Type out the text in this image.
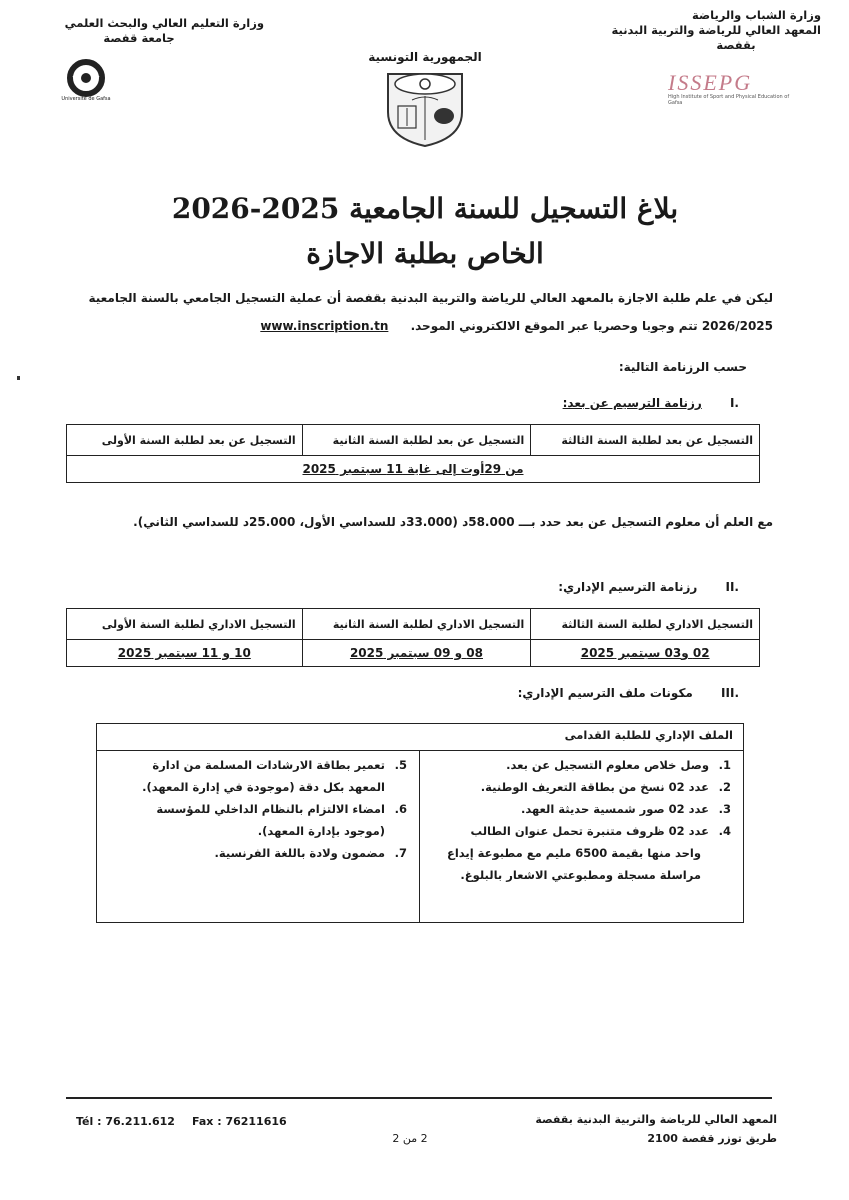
وزارة الشباب والرياضة
المعهد العالي للرياضة والتربية البدنية
بقفصة
وزارة التعليم العالي والبحث العلمي
جامعة قفصة
Université de Gafsa
ISSEPG
High Institute of Sport and Physical Education of Gafsa
الجمهورية التونسية
بلاغ التسجيل للسنة الجامعية 2025-2026
الخاص بطلبة الاجازة
ليكن في علم طلبة الاجازة بالمعهد العالي للرياضة والتربية البدنية بقفصة أن عملية التسجيل الجامعي بالسنة الجامعية
2026/2025 تتم وجوبا وحصريا عبر الموقع الالكتروني الموحد. www.inscription.tn
حسب الرزنامة التالية:
I. رزنامة الترسيم عن بعد:
التسجيل عن بعد لطلبة السنة الثالثة	التسجيل عن بعد لطلبة السنة الثانية	التسجيل عن بعد لطلبة السنة الأولى
من 29أوت إلى غاية 11 سبتمبر 2025
مع العلم أن معلوم التسجيل عن بعد حدد بـــ 58.000د (33.000د للسداسي الأول، 25.000د للسداسي الثاني).
II. رزنامة الترسيم الإداري:
التسجيل الاداري لطلبة السنة الثالثة	التسجيل الاداري لطلبة السنة الثانية	التسجيل الاداري لطلبة السنة الأولى
02 و03 سبتمبر 2025	08 و 09 سبتمبر 2025	10 و 11 سبتمبر 2025
III. مكونات ملف الترسيم الإداري:
الملف الإداري للطلبة القدامى
1.وصل خلاص معلوم التسجيل عن بعد.
2.عدد 02 نسخ من بطاقة التعريف الوطنية.
3.عدد 02 صور شمسية حديثة العهد.
4.عدد 02 ظروف متنبرة تحمل عنوان الطالب
واحد منها بقيمة 6500 مليم مع مطبوعة إيداع
مراسلة مسجلة ومطبوعتي الاشعار بالبلوغ.
5.تعمير بطاقة الارشادات المسلمة من ادارة
المعهد بكل دقة (موجودة في إدارة المعهد).
6.امضاء الالتزام بالنظام الداخلي للمؤسسة
(موجود بإدارة المعهد).
7.مضمون ولادة باللغة الفرنسية.
Tél : 76.211.612 Fax : 76211616	المعهد العالي للرياضة والتربية البدنية بقفصة
طريق توزر قفصة 2100
2 من 2
